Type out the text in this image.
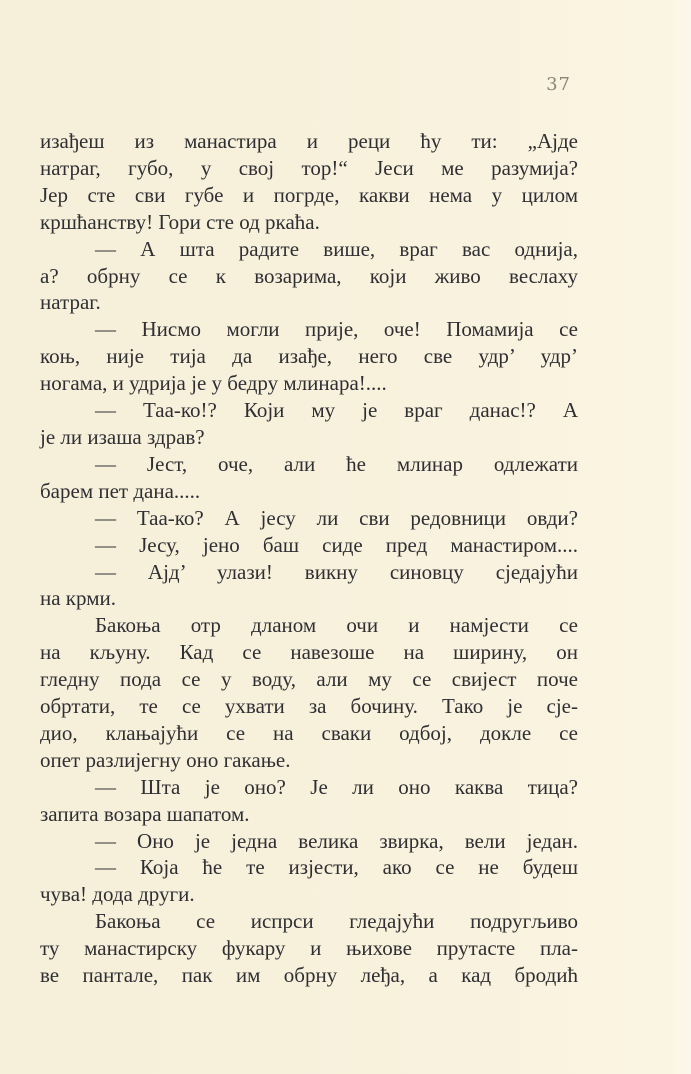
37
изађеш из манастира и реци ћу ти: „Ајде
натраг, губо, у свој тор!“ Јеси ме разумија?
Јер сте сви губе и погрде, какви нема у цилом
кршћанству! Гори сте од ркаћа.
— А шта радите више, враг вас однија,
а? обрну се к возарима, који живо веслаху
натраг.
— Нисмо могли прије, оче! Помамија се
коњ, није тија да изађе, него све удр’ удр’
ногама, и удрија је у бедру млинара!....
— Таа-ко!? Који му је враг данас!? А
је ли изаша здрав?
— Јест, оче, али ће млинар одлежати
барем пет дана.....
— Таа-ко? А јесу ли сви редовници овди?
— Јесу, јено баш сиде пред манастиром....
— Ајд’ улази! викну синовцу сједајући
на крми.
Бакоња отр дланом очи и намјести се
на кљуну. Кад се навезоше на ширину, он
гледну пода се у воду, али му се свијест поче
обртати, те се ухвати за бочину. Тако је сје-
дио, клањајући се на сваки одбој, докле се
опет разлијегну оно гакање.
— Шта је оно? Је ли оно каква тица?
запита возара шапатом.
— Оно је једна велика звирка, вели један.
— Која ће те изјести, ако се не будеш
чува! дода други.
Бакоња се испрси гледајући подругљиво
ту манастирску фукару и њихове прутасте пла-
ве пантале, пак им обрну леђа, а кад бродић
